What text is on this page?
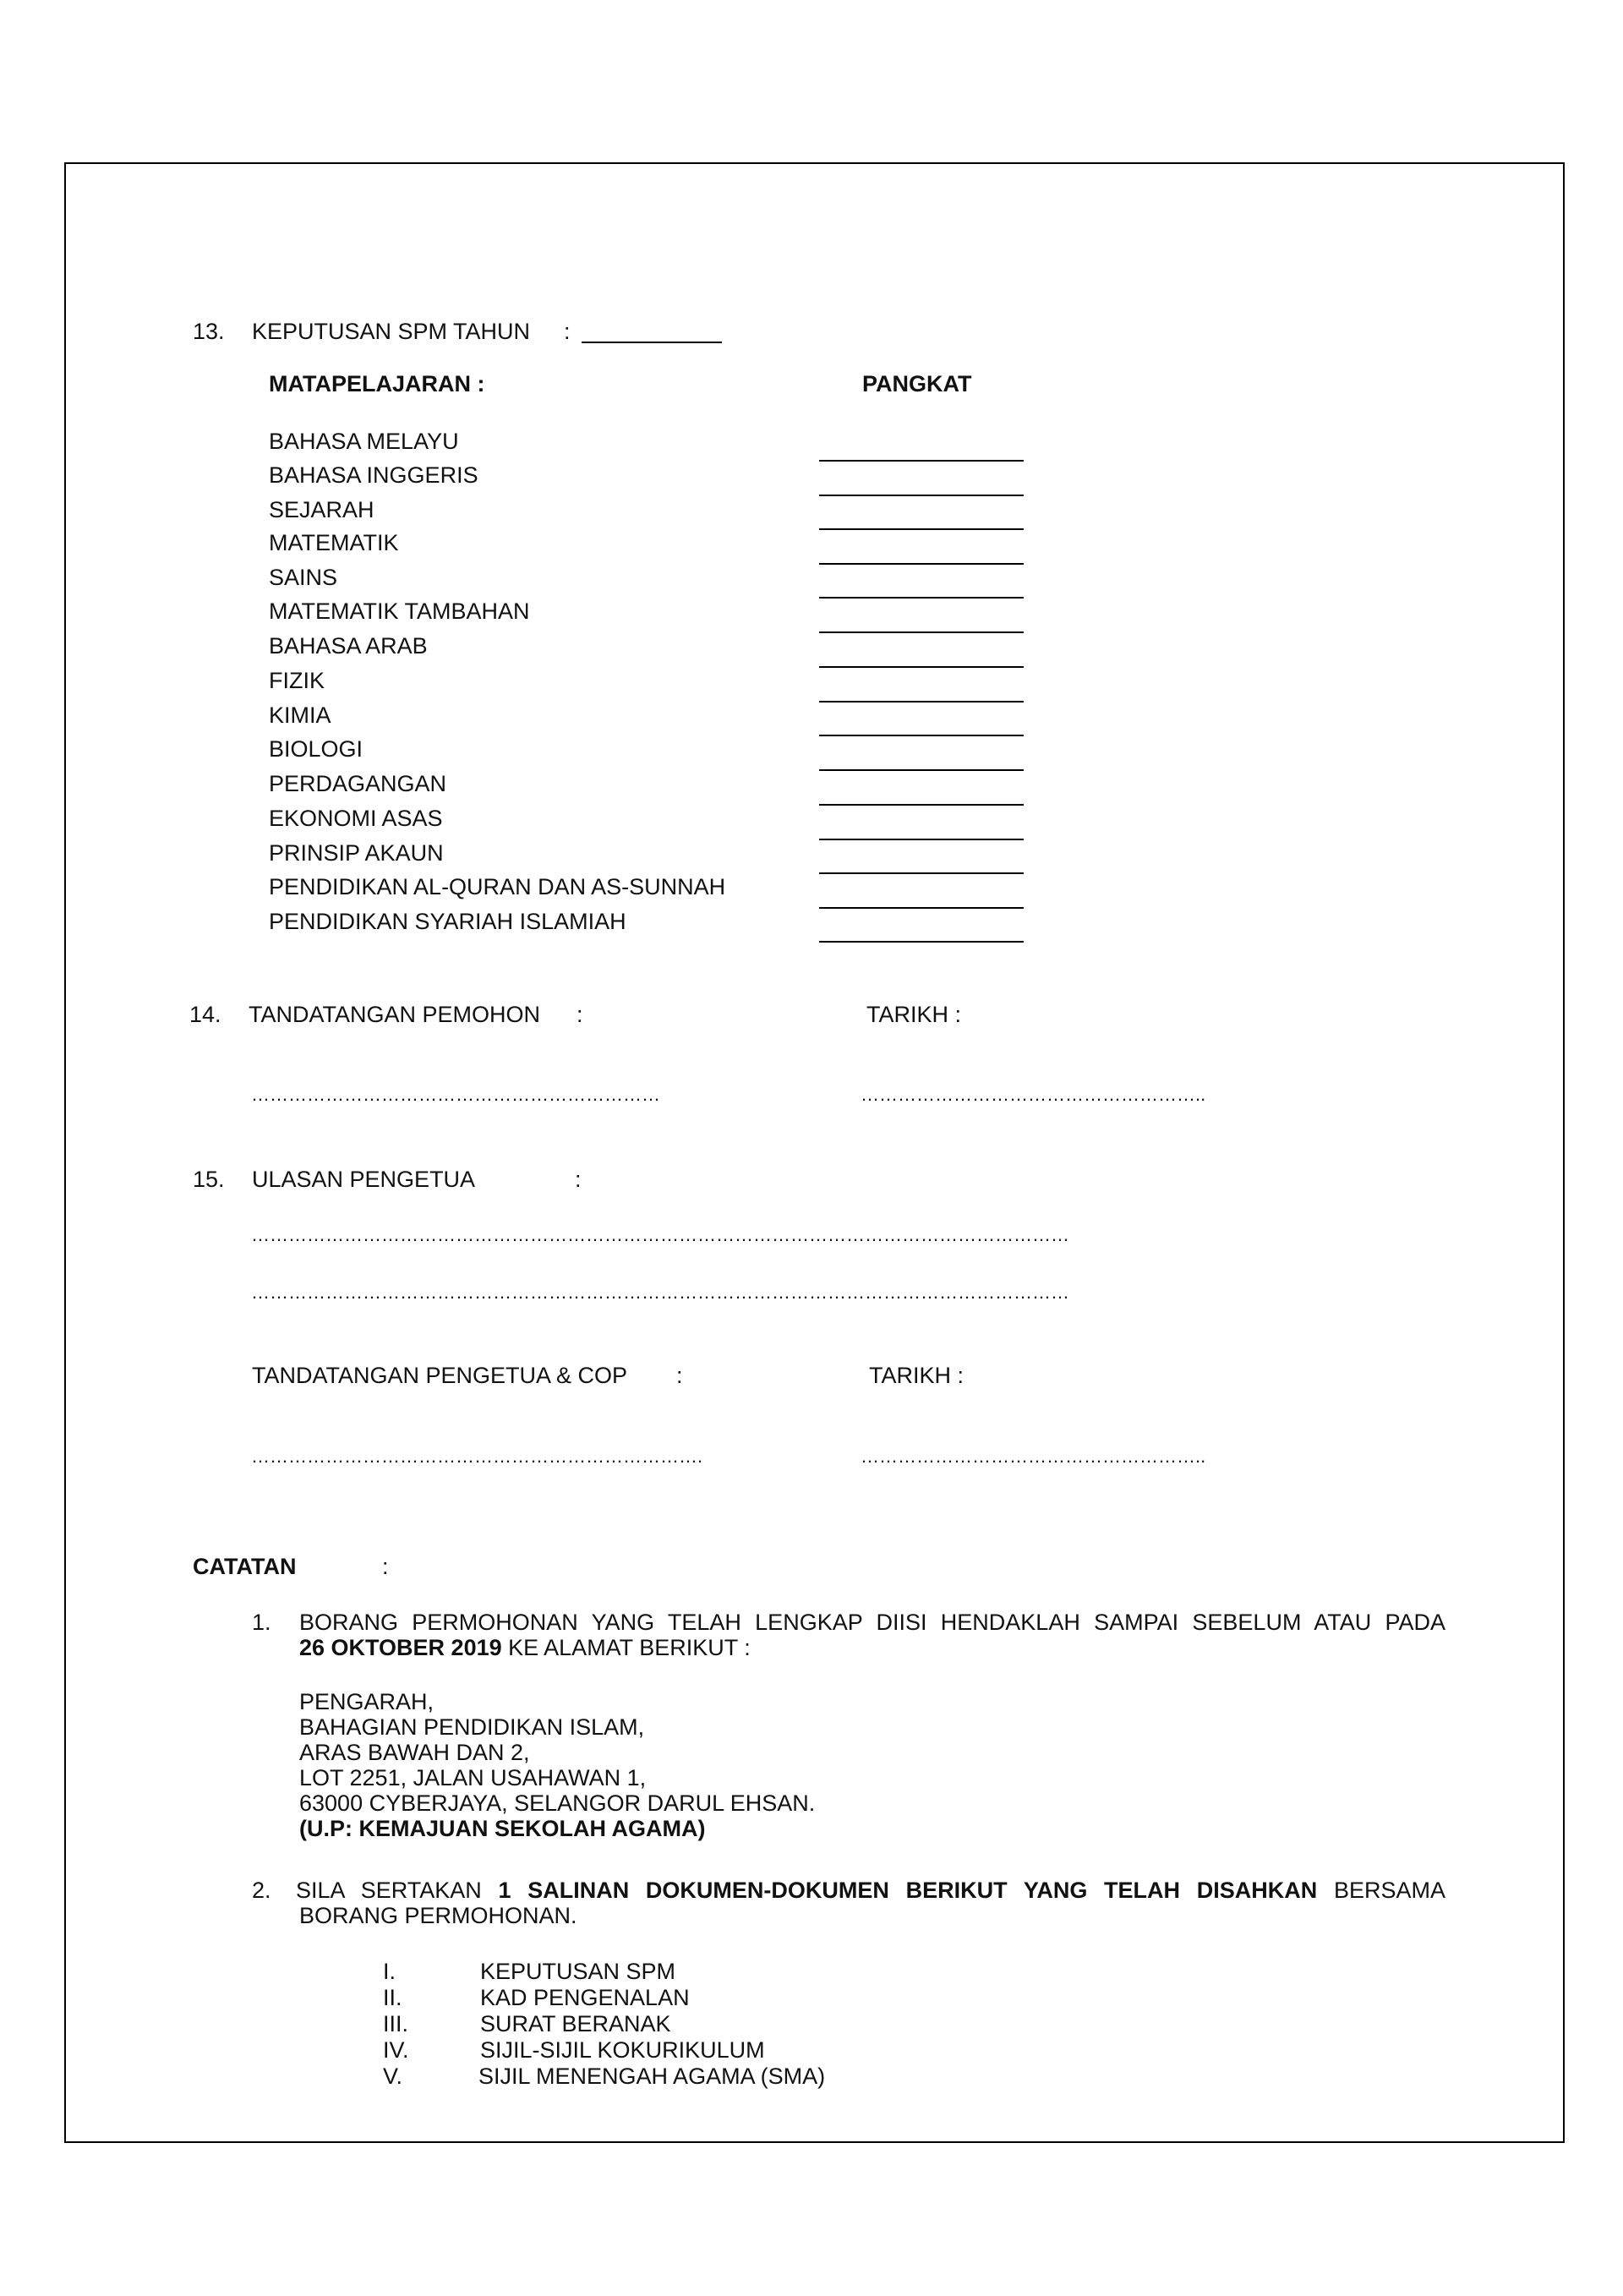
13. KEPUTUSAN SPM TAHUN :
MATAPELAJARAN :	PANGKAT
BAHASA MELAYU
BAHASA INGGERIS
SEJARAH
MATEMATIK
SAINS
MATEMATIK TAMBAHAN
BAHASA ARAB
FIZIK
KIMIA
BIOLOGI
PERDAGANGAN
EKONOMI ASAS
PRINSIP AKAUN
PENDIDIKAN AL-QURAN DAN AS-SUNNAH
PENDIDIKAN SYARIAH ISLAMIAH
14. TANDATANGAN PEMOHON :	TARIKH :
…………………………………………………………	………………………………………………..
15. ULASAN PENGETUA	:
……………………………………………………………………………………………………………………
……………………………………………………………………………………………………………………
TANDATANGAN PENGETUA & COP :	TARIKH :
……………………………………………………………….	………………………………………………..
CATATAN	:
1. BORANG PERMOHONAN YANG TELAH LENGKAP DIISI HENDAKLAH SAMPAI SEBELUM ATAU PADA
26 OKTOBER 2019 KE ALAMAT BERIKUT :
PENGARAH,
BAHAGIAN PENDIDIKAN ISLAM,
ARAS BAWAH DAN 2,
LOT 2251, JALAN USAHAWAN 1,
63000 CYBERJAYA, SELANGOR DARUL EHSAN.
(U.P: KEMAJUAN SEKOLAH AGAMA)
2. SILA SERTAKAN 1 SALINAN DOKUMEN-DOKUMEN BERIKUT YANG TELAH DISAHKAN BERSAMA
BORANG PERMOHONAN.
I.	KEPUTUSAN SPM
II.	KAD PENGENALAN
III.	SURAT BERANAK
IV.	SIJIL-SIJIL KOKURIKULUM
V.	SIJIL MENENGAH AGAMA (SMA)
